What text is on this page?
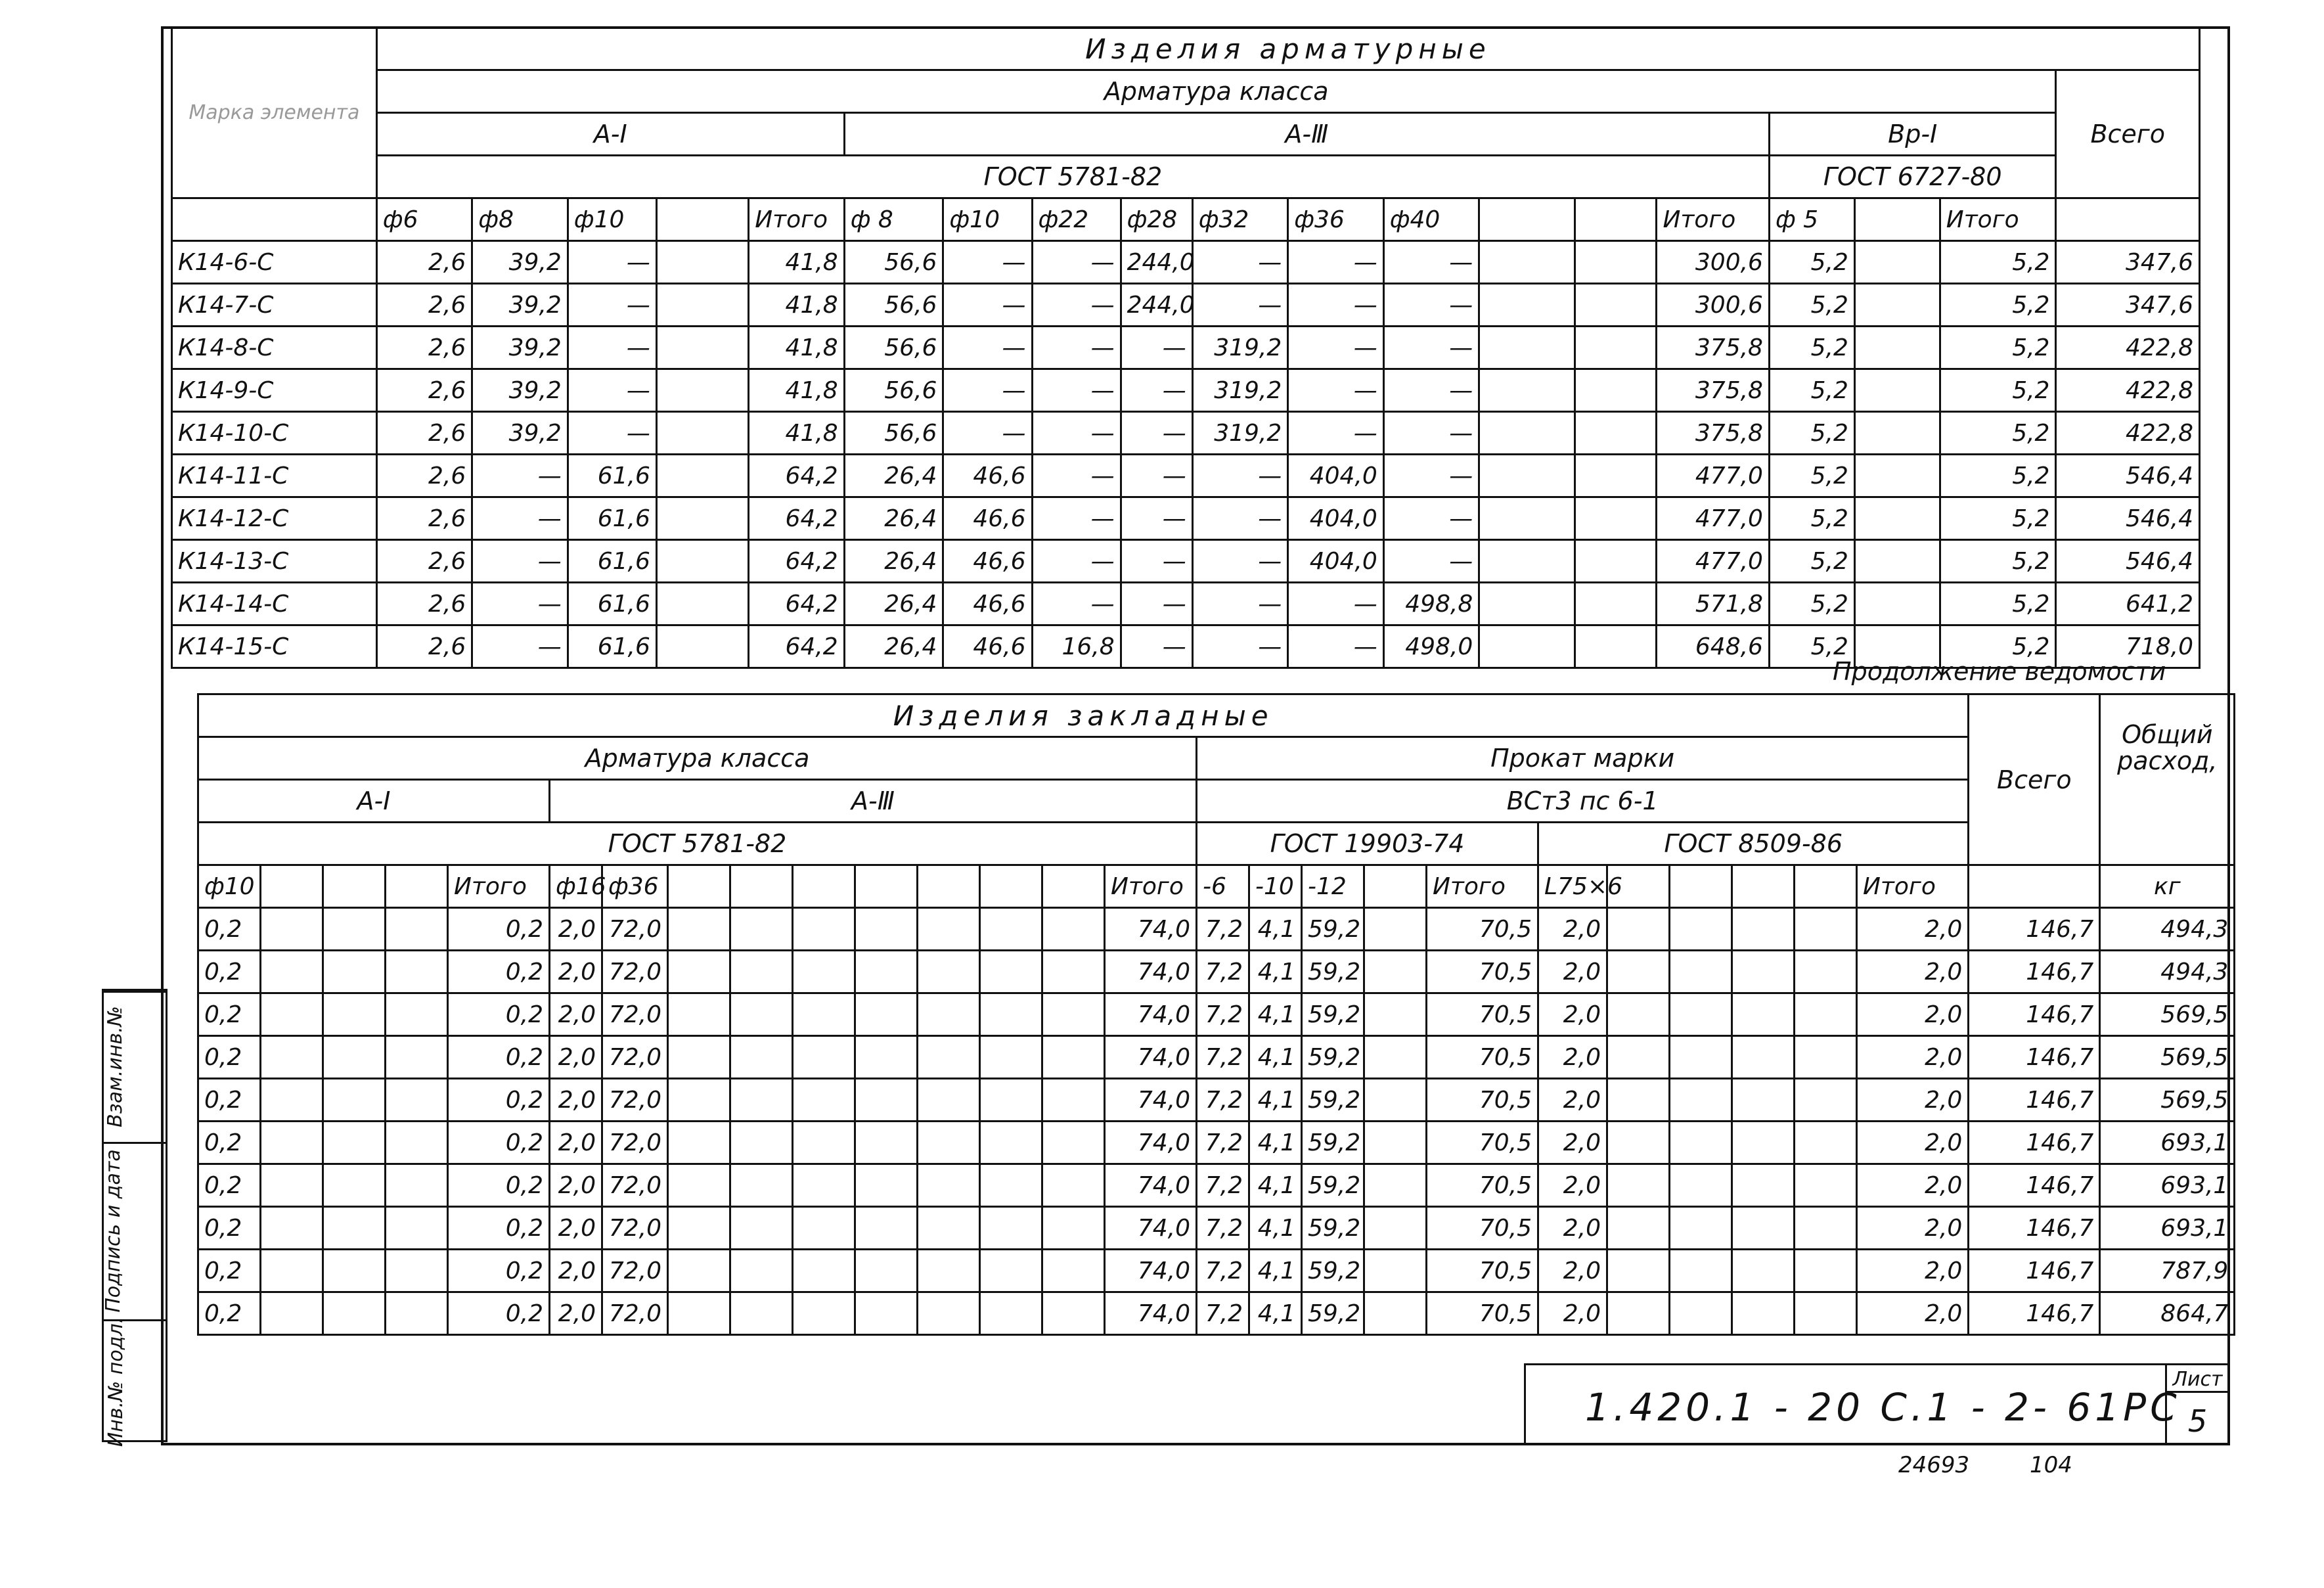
Марка элемента	Изделия арматурные																		
	Арматура класса																		Всего
	А-I					А-Ⅲ										Вр-I			
	ГОСТ 5781-82															ГОСТ 6727-80			
	ф6	ф8	ф10		Итого	ф 8	ф10	ф22	ф28	ф32	ф36	ф40			Итого	ф 5		Итого	
К14-6-С	2,6	39,2	—		41,8	56,6	—	—	244,0	—	—	—			300,6	5,2		5,2	347,6
К14-7-С	2,6	39,2	—		41,8	56,6	—	—	244,0	—	—	—			300,6	5,2		5,2	347,6
К14-8-С	2,6	39,2	—		41,8	56,6	—	—	—	319,2	—	—			375,8	5,2		5,2	422,8
К14-9-С	2,6	39,2	—		41,8	56,6	—	—	—	319,2	—	—			375,8	5,2		5,2	422,8
К14-10-С	2,6	39,2	—		41,8	56,6	—	—	—	319,2	—	—			375,8	5,2		5,2	422,8
К14-11-С	2,6	—	61,6		64,2	26,4	46,6	—	—	—	404,0	—			477,0	5,2		5,2	546,4
К14-12-С	2,6	—	61,6		64,2	26,4	46,6	—	—	—	404,0	—			477,0	5,2		5,2	546,4
К14-13-С	2,6	—	61,6		64,2	26,4	46,6	—	—	—	404,0	—			477,0	5,2		5,2	546,4
К14-14-С	2,6	—	61,6		64,2	26,4	46,6	—	—	—	—	498,8			571,8	5,2		5,2	641,2
К14-15-С	2,6	—	61,6		64,2	26,4	46,6	16,8	—	—	—	498,0			648,6	5,2		5,2	718,0
Продолжение ведомости
Изделия закладные																										Всего	Общий расход,
Арматура класса															Прокат марки												
А-I					А-Ⅲ										ВСт3 пс 6-1												
ГОСТ 5781-82															ГОСТ 19903-74					ГОСТ 8509-86							
ф10				Итого	ф16	ф36								Итого	-6	-10	-12		Итого	L75×6					Итого		кг
0,2				0,2	2,0	72,0								74,0	7,2	4,1	59,2		70,5	2,0					2,0	146,7	494,3
0,2				0,2	2,0	72,0								74,0	7,2	4,1	59,2		70,5	2,0					2,0	146,7	494,3
0,2				0,2	2,0	72,0								74,0	7,2	4,1	59,2		70,5	2,0					2,0	146,7	569,5
0,2				0,2	2,0	72,0								74,0	7,2	4,1	59,2		70,5	2,0					2,0	146,7	569,5
0,2				0,2	2,0	72,0								74,0	7,2	4,1	59,2		70,5	2,0					2,0	146,7	569,5
0,2				0,2	2,0	72,0								74,0	7,2	4,1	59,2		70,5	2,0					2,0	146,7	693,1
0,2				0,2	2,0	72,0								74,0	7,2	4,1	59,2		70,5	2,0					2,0	146,7	693,1
0,2				0,2	2,0	72,0								74,0	7,2	4,1	59,2		70,5	2,0					2,0	146,7	693,1
0,2				0,2	2,0	72,0								74,0	7,2	4,1	59,2		70,5	2,0					2,0	146,7	787,9
0,2				0,2	2,0	72,0								74,0	7,2	4,1	59,2		70,5	2,0					2,0	146,7	864,7
Взам.инв.№
Подпись и дата
Инв.№ подл.	1.420.1 - 20 С.1 - 2- 61РС
Лист
5
24693	104
